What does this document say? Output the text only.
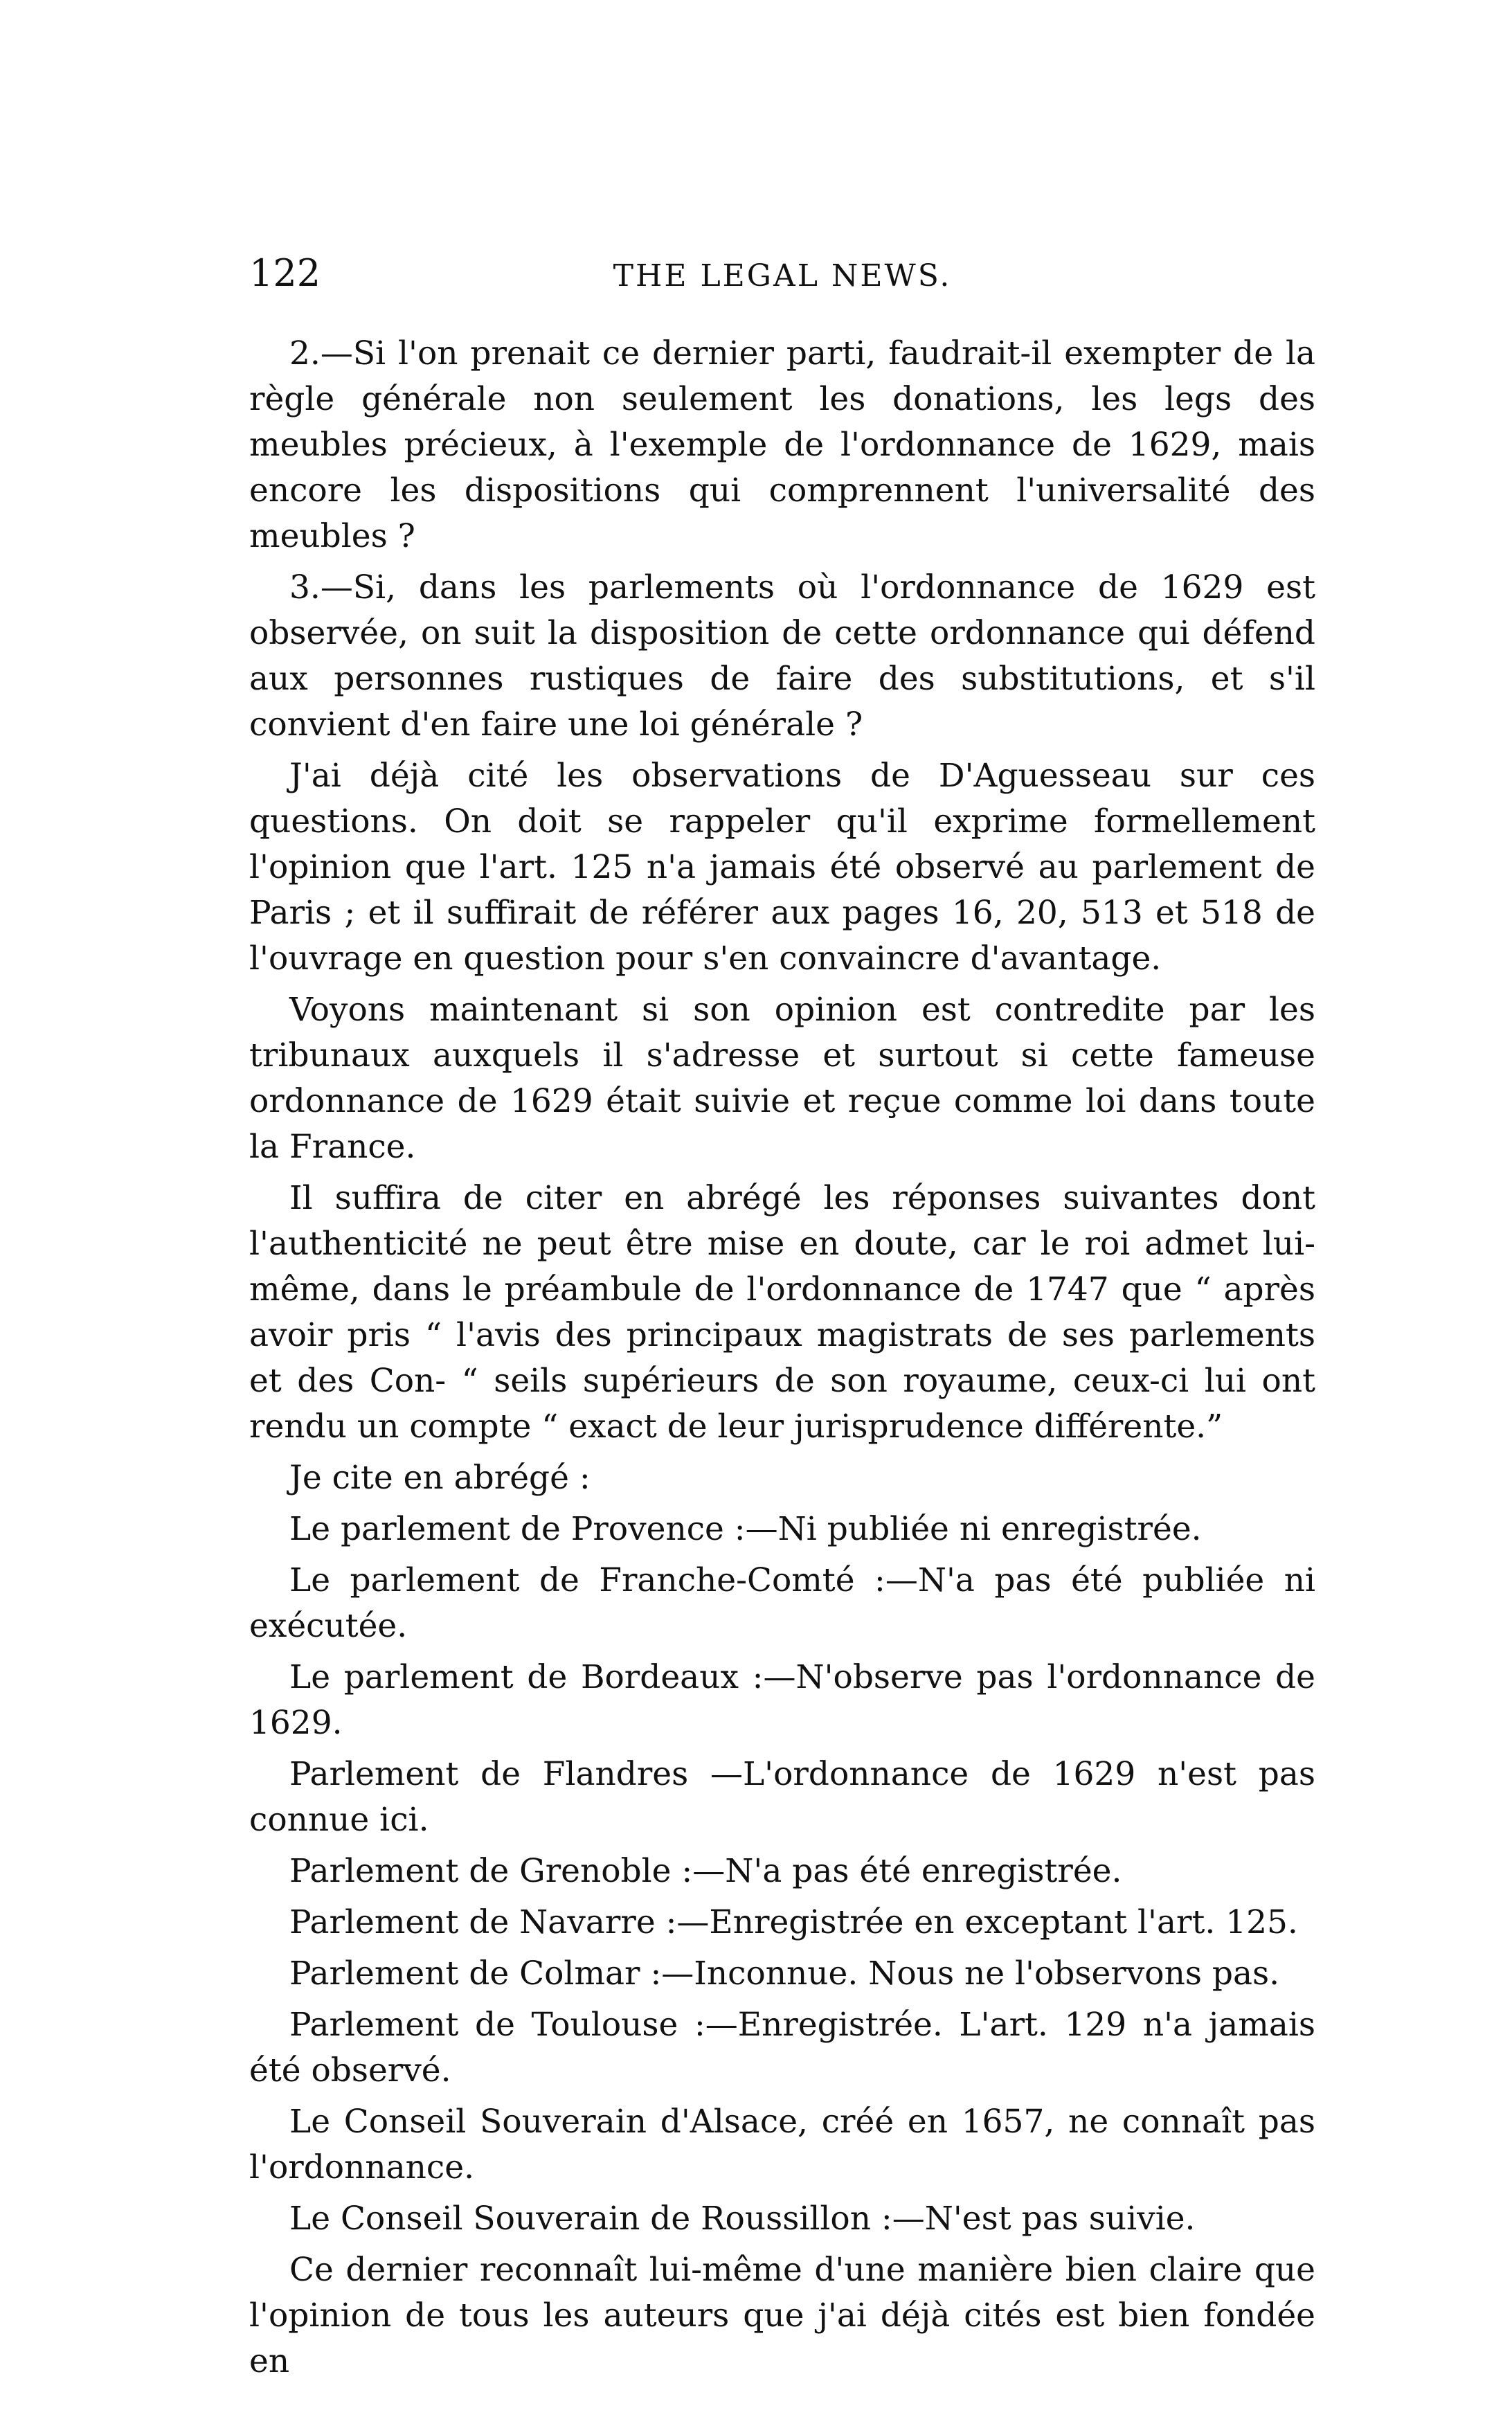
122	THE LEGAL NEWS.

2.—Si l'on prenait ce dernier parti, faudrait-il exempter de la règle générale non seulement les donations, les legs des meubles précieux, à l'exemple de l'ordonnance de 1629, mais encore les dispositions qui comprennent l'universalité des meubles ?

3.—Si, dans les parlements où l'ordonnance de 1629 est observée, on suit la disposition de cette ordonnance qui défend aux personnes rustiques de faire des substitutions, et s'il convient d'en faire une loi générale ?

J'ai déjà cité les observations de D'Aguesseau sur ces questions. On doit se rappeler qu'il exprime formellement l'opinion que l'art. 125 n'a jamais été observé au parlement de Paris ; et il suffirait de référer aux pages 16, 20, 513 et 518 de l'ouvrage en question pour s'en convaincre d'avantage.

Voyons maintenant si son opinion est contredite par les tribunaux auxquels il s'adresse et surtout si cette fameuse ordonnance de 1629 était suivie et reçue comme loi dans toute la France.

Il suffira de citer en abrégé les réponses suivantes dont l'authenticité ne peut être mise en doute, car le roi admet lui-même, dans le préambule de l'ordonnance de 1747 que “ après avoir pris “ l'avis des principaux magistrats de ses parlements et des Con- “ seils supérieurs de son royaume, ceux-ci lui ont rendu un compte “ exact de leur jurisprudence différente.”

Je cite en abrégé :

Le parlement de Provence :—Ni publiée ni enregistrée.

Le parlement de Franche-Comté :—N'a pas été publiée ni exécutée.

Le parlement de Bordeaux :—N'observe pas l'ordonnance de 1629.

Parlement de Flandres —L'ordonnance de 1629 n'est pas connue ici.

Parlement de Grenoble :—N'a pas été enregistrée.

Parlement de Navarre :—Enregistrée en exceptant l'art. 125.

Parlement de Colmar :—Inconnue. Nous ne l'observons pas.

Parlement de Toulouse :—Enregistrée. L'art. 129 n'a jamais été observé.

Le Conseil Souverain d'Alsace, créé en 1657, ne connaît pas l'ordonnance.

Le Conseil Souverain de Roussillon :—N'est pas suivie.

Ce dernier reconnaît lui-même d'une manière bien claire que l'opinion de tous les auteurs que j'ai déjà cités est bien fondée en
